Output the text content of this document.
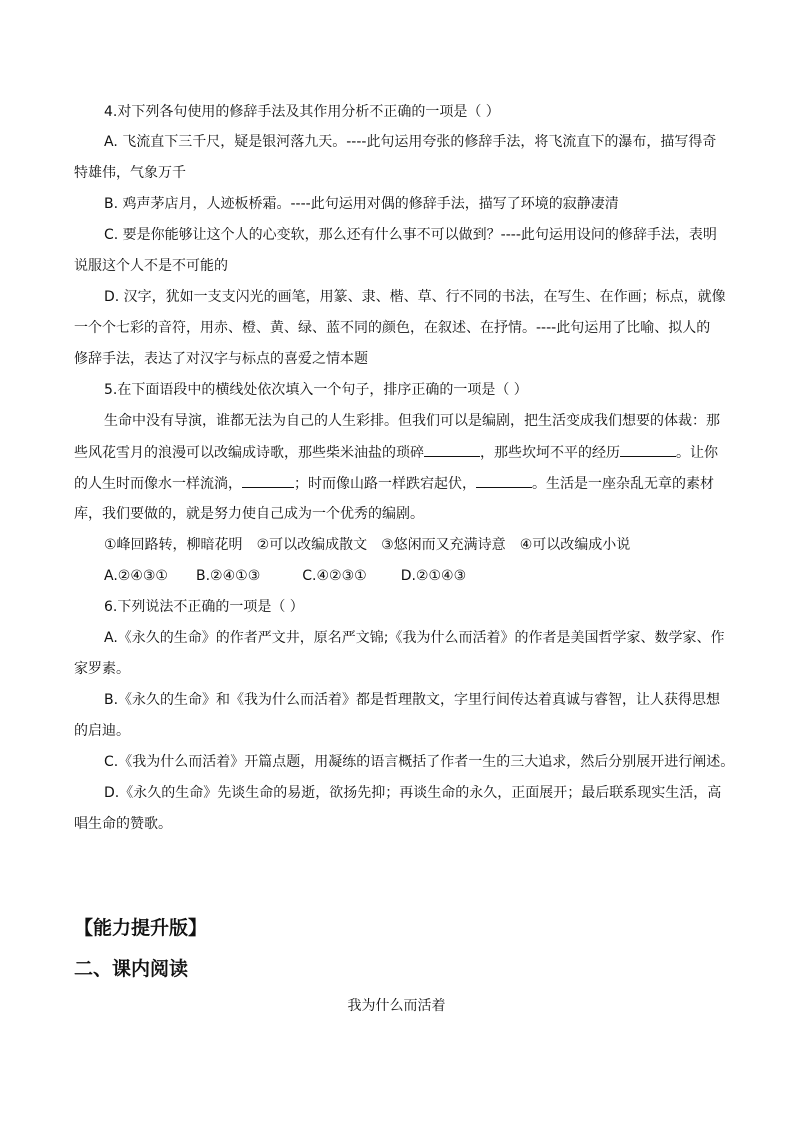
4.对下列各句使用的修辞手法及其作用分析不正确的一项是（ ）
A. 飞流直下三千尺，疑是银河落九天。----此句运用夸张的修辞手法，将飞流直下的瀑布，描写得奇
特雄伟，气象万千
B. 鸡声茅店月，人迹板桥霜。----此句运用对偶的修辞手法，描写了环境的寂静凄清
C. 要是你能够让这个人的心变软，那么还有什么事不可以做到？----此句运用设问的修辞手法，表明
说服这个人不是不可能的
D. 汉字，犹如一支支闪光的画笔，用篆、隶、楷、草、行不同的书法，在写生、在作画；标点，就像
一个个七彩的音符，用赤、橙、黄、绿、蓝不同的颜色，在叙述、在抒情。----此句运用了比喻、拟人的
修辞手法，表达了对汉字与标点的喜爱之情本题
5.在下面语段中的横线处依次填入一个句子，排序正确的一项是（ ）
生命中没有导演，谁都无法为自己的人生彩排。但我们可以是编剧，把生活变成我们想要的体裁：那
些风花雪月的浪漫可以改编成诗歌，那些柴米油盐的琐碎	，那些坎坷不平的经历	。让你
的人生时而像水一样流淌，	；时而像山路一样跌宕起伏，	。生活是一座杂乱无章的素材
库，我们要做的，就是努力使自己成为一个优秀的编剧。
①峰回路转，柳暗花明 ②可以改编成散文 ③悠闲而又充满诗意 ④可以改编成小说
A.②④③① B.②④①③	C.④②③① D.②①④③
6.下列说法不正确的一项是（ ）
A.《永久的生命》的作者严文井，原名严文锦;《我为什么而活着》的作者是美国哲学家、数学家、作
家罗素。
B.《永久的生命》和《我为什么而活着》都是哲理散文，字里行间传达着真诚与睿智，让人获得思想
的启迪。
C.《我为什么而活着》开篇点题，用凝练的语言概括了作者一生的三大追求，然后分别展开进行阐述。
D.《永久的生命》先谈生命的易逝，欲扬先抑；再谈生命的永久，正面展开；最后联系现实生活，高
唱生命的赞歌。
【能力提升版】
二、课内阅读
我为什么而活着
